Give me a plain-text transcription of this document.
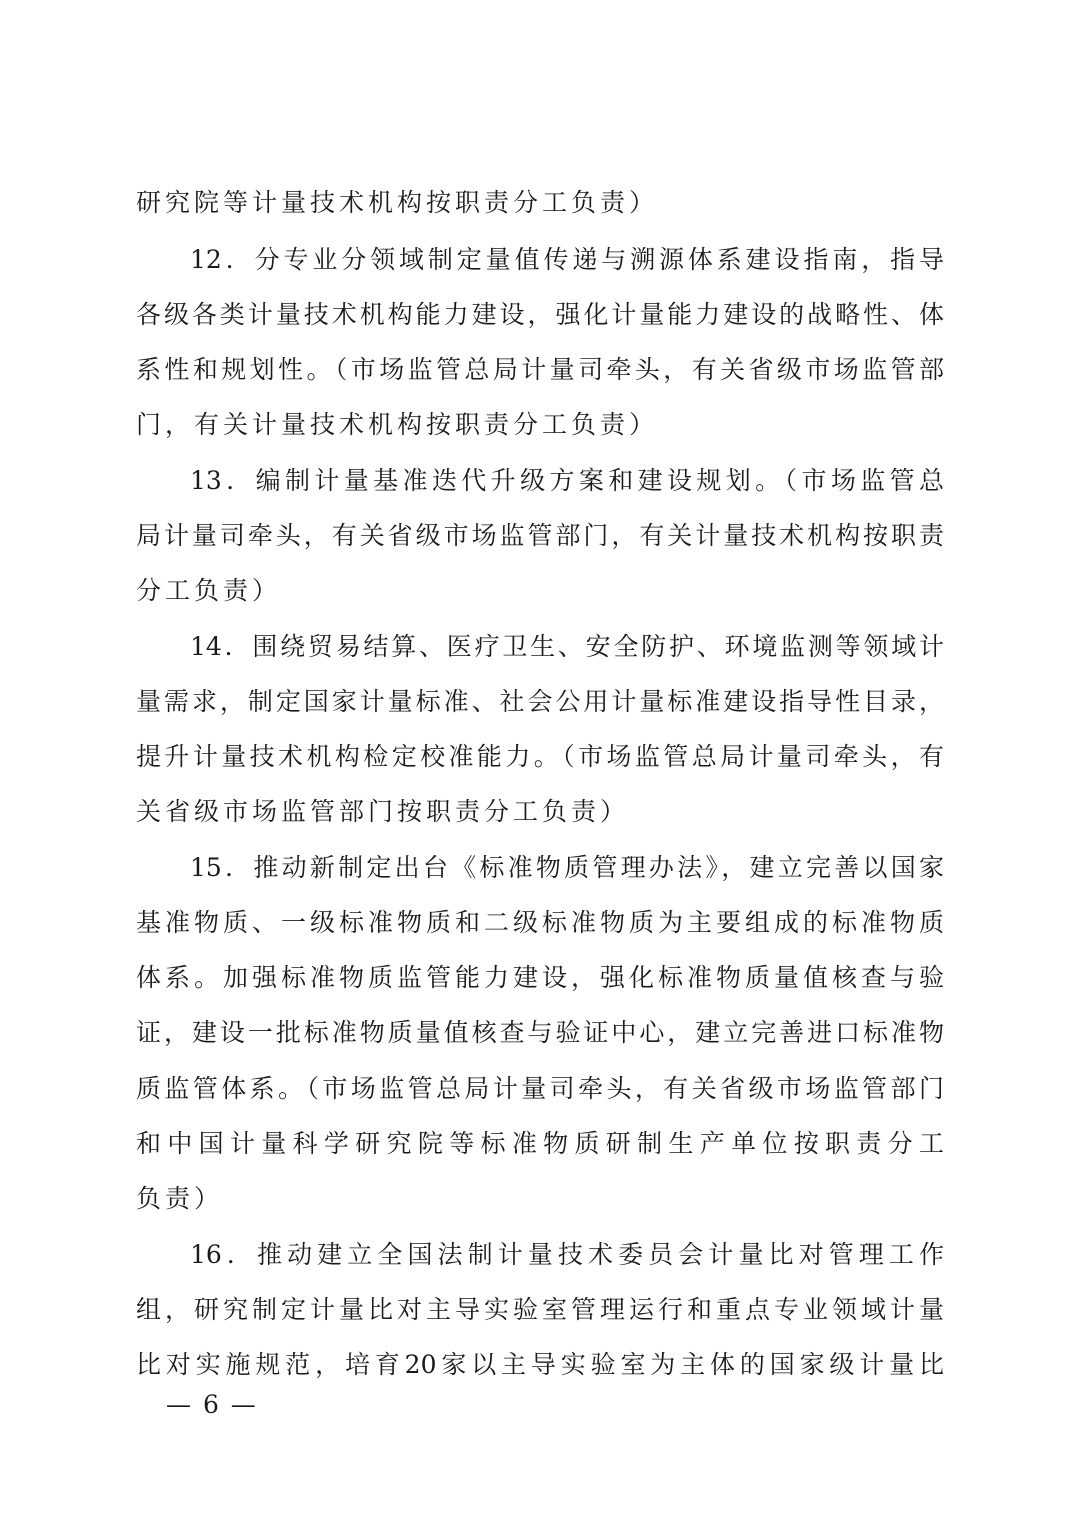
研究院等计量技术机构按职责分工负责）
12．分专业分领域制定量值传递与溯源体系建设指南，指导
各级各类计量技术机构能力建设，强化计量能力建设的战略性、体
系性和规划性。（市场监管总局计量司牵头，有关省级市场监管部
门，有关计量技术机构按职责分工负责）
13．编制计量基准迭代升级方案和建设规划。（市场监管总
局计量司牵头，有关省级市场监管部门，有关计量技术机构按职责
分工负责）
14．围绕贸易结算、医疗卫生、安全防护、环境监测等领域计
量需求，制定国家计量标准、社会公用计量标准建设指导性目录，
提升计量技术机构检定校准能力。（市场监管总局计量司牵头，有
关省级市场监管部门按职责分工负责）
15．推动新制定出台《标准物质管理办法》，建立完善以国家
基准物质、一级标准物质和二级标准物质为主要组成的标准物质
体系。加强标准物质监管能力建设，强化标准物质量值核查与验
证，建设一批标准物质量值核查与验证中心，建立完善进口标准物
质监管体系。（市场监管总局计量司牵头，有关省级市场监管部门
和中国计量科学研究院等标准物质研制生产单位按职责分工
负责）
16．推动建立全国法制计量技术委员会计量比对管理工作
组，研究制定计量比对主导实验室管理运行和重点专业领域计量
比对实施规范，培育20家以主导实验室为主体的国家级计量比
— 6 —
